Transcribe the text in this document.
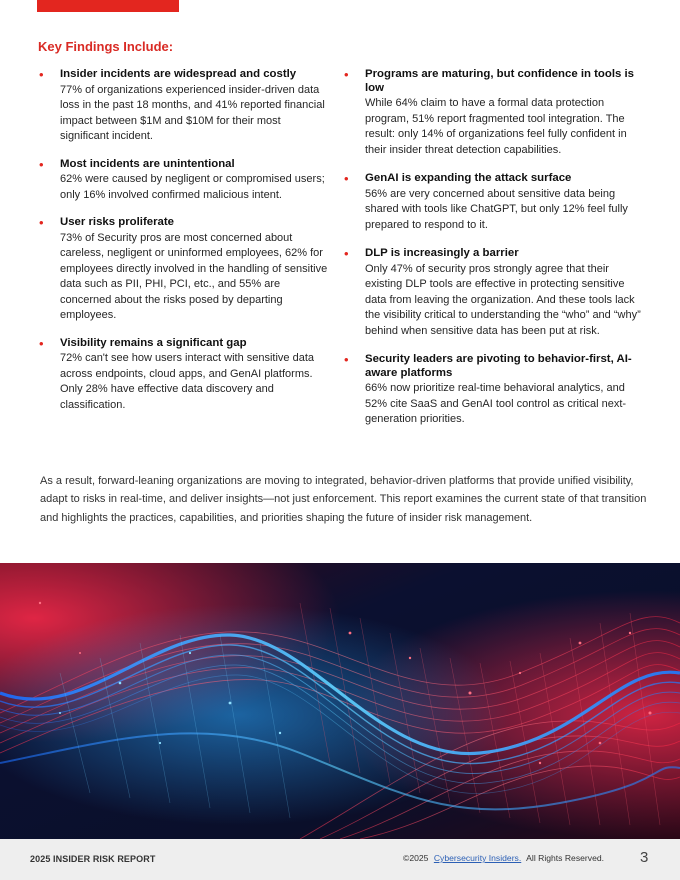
Key Findings Include:
• Insider incidents are widespread and costly
77% of organizations experienced insider-driven data loss in the past 18 months, and 41% reported financial impact between $1M and $10M for their most significant incident.
• Most incidents are unintentional
62% were caused by negligent or compromised users; only 16% involved confirmed malicious intent.
• User risks proliferate
73% of Security pros are most concerned about careless, negligent or uninformed employees, 62% for employees directly involved in the handling of sensitive data such as PII, PHI, PCI, etc., and 55% are concerned about the risks posed by departing employees.
• Visibility remains a significant gap
72% can't see how users interact with sensitive data across endpoints, cloud apps, and GenAI platforms. Only 28% have effective data discovery and classification.
• Programs are maturing, but confidence in tools is low
While 64% claim to have a formal data protection program, 51% report fragmented tool integration. The result: only 14% of organizations feel fully confident in their insider threat detection capabilities.
• GenAI is expanding the attack surface
56% are very concerned about sensitive data being shared with tools like ChatGPT, but only 12% feel fully prepared to respond to it.
• DLP is increasingly a barrier
Only 47% of security pros strongly agree that their existing DLP tools are effective in protecting sensitive data from leaving the organization. And these tools lack the visibility critical to understanding the “who” and “why” behind when sensitive data has been put at risk.
• Security leaders are pivoting to behavior-first, AI-aware platforms
66% now prioritize real-time behavioral analytics, and 52% cite SaaS and GenAI tool control as critical next-generation priorities.
As a result, forward-leaning organizations are moving to integrated, behavior-driven platforms that provide unified visibility, adapt to risks in real-time, and deliver insights—not just enforcement. This report examines the current state of that transition and highlights the practices, capabilities, and priorities shaping the future of insider risk management.
2025 INSIDER RISK REPORT	©2025 Cybersecurity Insiders. All Rights Reserved. 3
